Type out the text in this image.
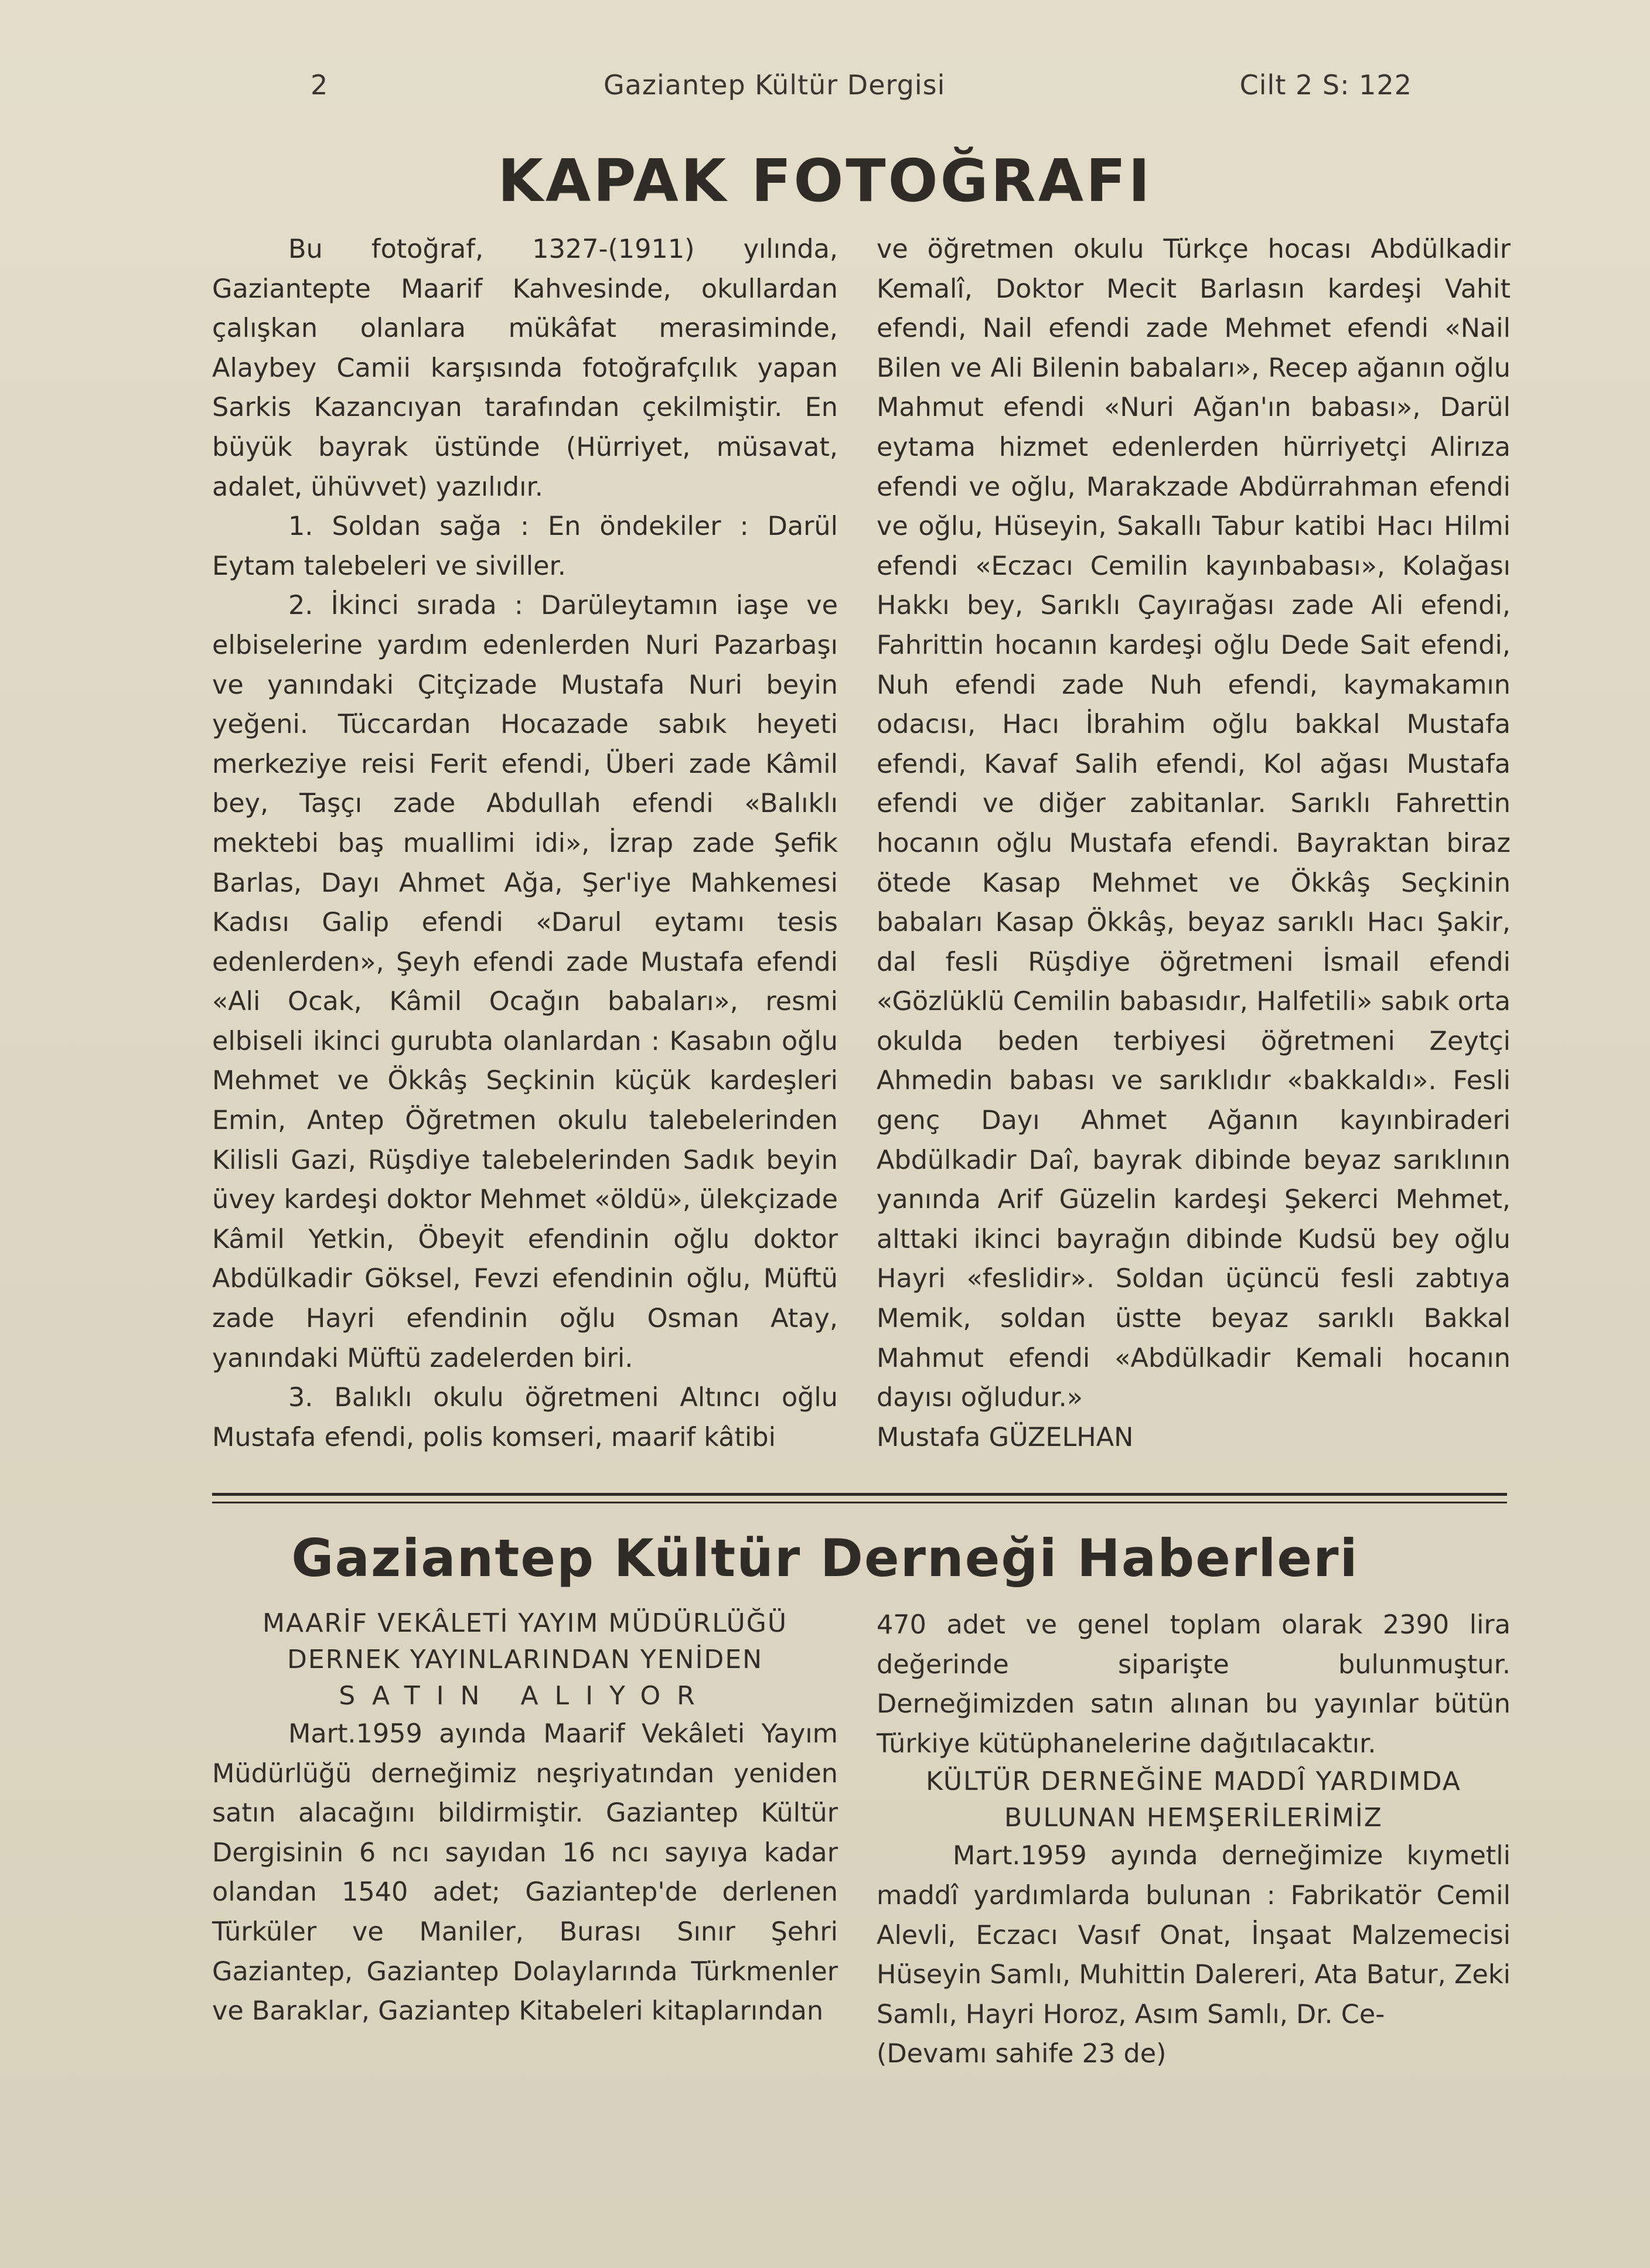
2	Gaziantep Kültür Dergisi	Cilt 2 S: 122
KAPAK FOTOĞRAFI

Bu fotoğraf, 1327-(1911) yılında, Gaziantepte Maarif Kahvesinde, okullardan çalışkan olanlara mükâfat merasiminde, Alaybey Camii karşısında fotoğrafçılık yapan Sarkis Kazancıyan tarafından çekilmiştir. En büyük bayrak üstünde (Hürriyet, müsavat, adalet, ühüvvet) yazılıdır.

1. Soldan sağa : En öndekiler : Darül Eytam talebeleri ve siviller.

2. İkinci sırada : Darüleytamın iaşe ve elbiselerine yardım edenlerden Nuri Pazarbaşı ve yanındaki Çitçizade Mustafa Nuri beyin yeğeni. Tüccardan Hocazade sabık heyeti merkeziye reisi Ferit efendi, Überi zade Kâmil bey, Taşçı zade Abdullah efendi «Balıklı mektebi baş muallimi idi», İzrap zade Şefik Barlas, Dayı Ahmet Ağa, Şer'iye Mahkemesi Kadısı Galip efendi «Darul eytamı tesis edenlerden», Şeyh efendi zade Mustafa efendi «Ali Ocak, Kâmil Ocağın babaları», resmi elbiseli ikinci gurubta olanlardan : Kasabın oğlu Mehmet ve Ökkâş Seçkinin küçük kardeşleri Emin, Antep Öğretmen okulu talebelerinden Kilisli Gazi, Rüşdiye talebelerinden Sadık beyin üvey kardeşi doktor Mehmet «öldü», ülekçizade Kâmil Yetkin, Öbeyit efendinin oğlu doktor Abdülkadir Göksel, Fevzi efendinin oğlu, Müftü zade Hayri efendinin oğlu Osman Atay, yanındaki Müftü zadelerden biri.

3. Balıklı okulu öğretmeni Altıncı oğlu Mustafa efendi, polis komseri, maarif kâtibi

ve öğretmen okulu Türkçe hocası Abdülkadir Kemalî, Doktor Mecit Barlasın kardeşi Vahit efendi, Nail efendi zade Mehmet efendi «Nail Bilen ve Ali Bilenin babaları», Recep ağanın oğlu Mahmut efendi «Nuri Ağan'ın babası», Darül eytama hizmet edenlerden hürriyetçi Alirıza efendi ve oğlu, Marakzade Abdürrahman efendi ve oğlu, Hüseyin, Sakallı Tabur katibi Hacı Hilmi efendi «Eczacı Cemilin kayınbabası», Kolağası Hakkı bey, Sarıklı Çayırağası zade Ali efendi, Fahrittin hocanın kardeşi oğlu Dede Sait efendi, Nuh efendi zade Nuh efendi, kaymakamın odacısı, Hacı İbrahim oğlu bakkal Mustafa efendi, Kavaf Salih efendi, Kol ağası Mustafa efendi ve diğer zabitanlar. Sarıklı Fahrettin hocanın oğlu Mustafa efendi. Bayraktan biraz ötede Kasap Mehmet ve Ökkâş Seçkinin babaları Kasap Ökkâş, beyaz sarıklı Hacı Şakir, dal fesli Rüşdiye öğretmeni İsmail efendi «Gözlüklü Cemilin babasıdır, Halfetili» sabık orta okulda beden terbiyesi öğretmeni Zeytçi Ahmedin babası ve sarıklıdır «bakkaldı». Fesli genç Dayı Ahmet Ağanın kayınbiraderi Abdülkadir Daî, bayrak dibinde beyaz sarıklının yanında Arif Güzelin kardeşi Şekerci Mehmet, alttaki ikinci bayrağın dibinde Kudsü bey oğlu Hayri «feslidir». Soldan üçüncü fesli zabtıya Memik, soldan üstte beyaz sarıklı Bakkal Mahmut efendi «Abdülkadir Kemali hocanın dayısı oğludur.»

Mustafa GÜZELHAN

Gaziantep Kültür Derneği Haberleri

MAARİF VEKÂLETİ YAYIM MÜDÜRLÜĞÜ

DERNEK YAYINLARINDAN YENİDEN

SATIN ALIYOR

Mart.1959 ayında Maarif Vekâleti Yayım Müdürlüğü derneğimiz neşriyatından yeniden satın alacağını bildirmiştir. Gaziantep Kültür Dergisinin 6 ncı sayıdan 16 ncı sayıya kadar olandan 1540 adet; Gaziantep'de derlenen Türküler ve Maniler, Burası Sınır Şehri Gaziantep, Gaziantep Dolaylarında Türkmenler ve Baraklar, Gaziantep Kitabeleri kitaplarından

470 adet ve genel toplam olarak 2390 lira değerinde siparişte bulunmuştur. Derneğimizden satın alınan bu yayınlar bütün Türkiye kütüphanelerine dağıtılacaktır.

KÜLTÜR DERNEĞİNE MADDÎ YARDIMDA

BULUNAN HEMŞERİLERİMİZ

Mart.1959 ayında derneğimize kıymetli maddî yardımlarda bulunan : Fabrikatör Cemil Alevli, Eczacı Vasıf Onat, İnşaat Malzemecisi Hüseyin Samlı, Muhittin Dalereri, Ata Batur, Zeki Samlı, Hayri Horoz, Asım Samlı, Dr. Ce-

(Devamı sahife 23 de)
